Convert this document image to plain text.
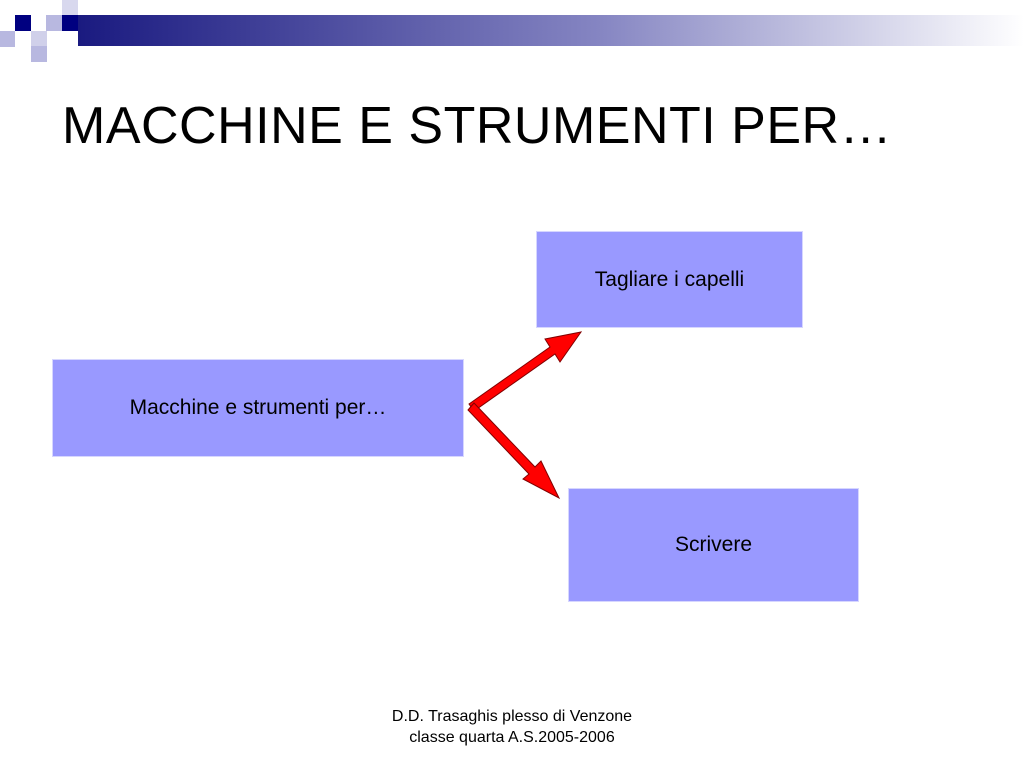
MACCHINE E STRUMENTI PER…
Macchine e strumenti per…
Tagliare i capelli
Scrivere
D.D. Trasaghis plesso di Venzone
classe quarta A.S.2005-2006
